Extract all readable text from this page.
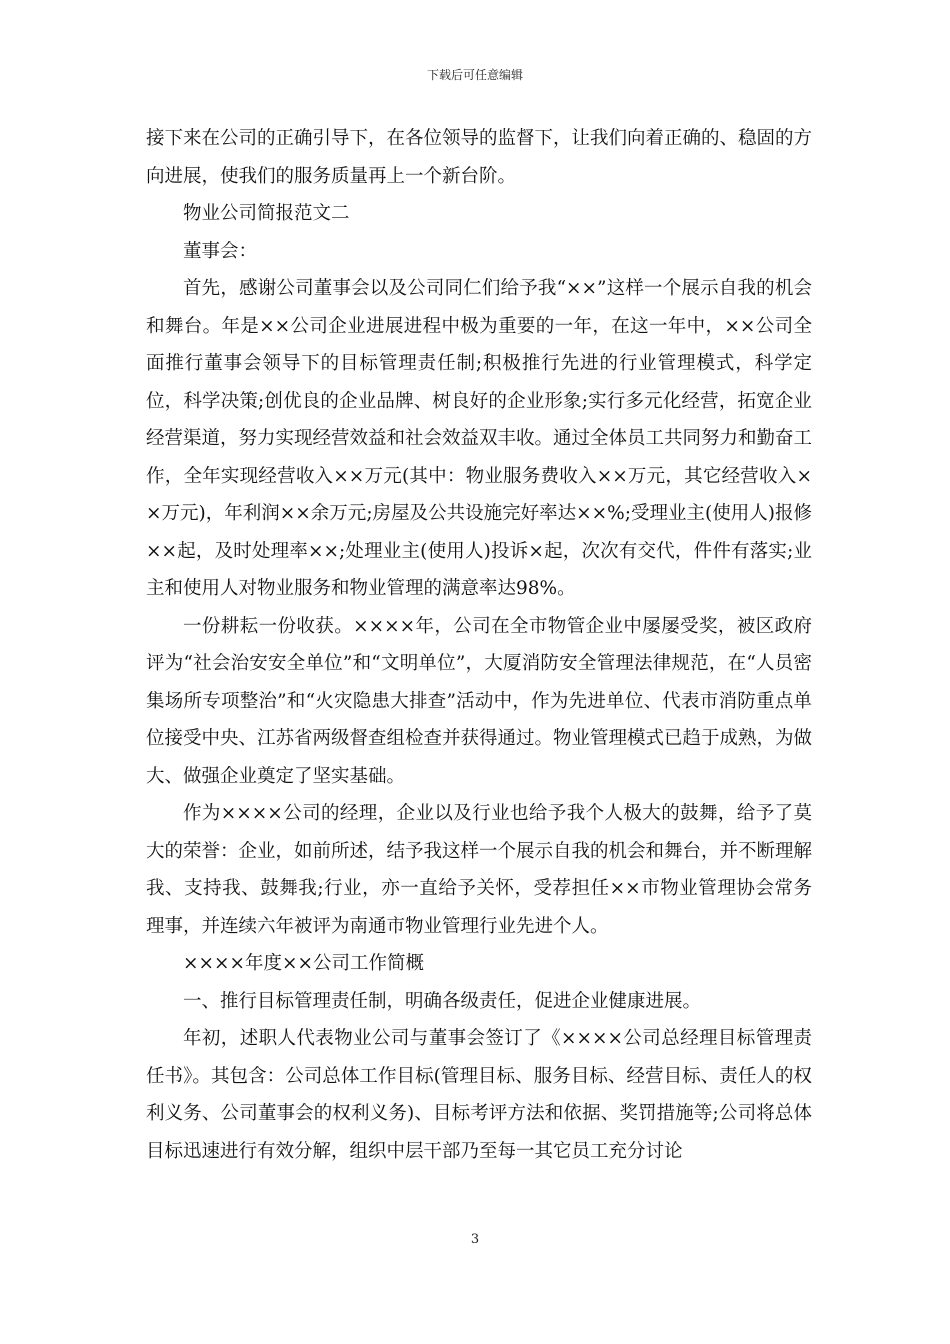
下载后可任意编辑

接下来在公司的正确引导下，在各位领导的监督下，让我们向着正确的、稳固的方向进展，使我们的服务质量再上一个新台阶。

物业公司简报范文二

董事会：

首先，感谢公司董事会以及公司同仁们给予我“××”这样一个展示自我的机会和舞台。年是××公司企业进展进程中极为重要的一年，在这一年中，××公司全面推行董事会领导下的目标管理责任制;积极推行先进的行业管理模式，科学定位，科学决策;创优良的企业品牌、树良好的企业形象;实行多元化经营，拓宽企业经营渠道，努力实现经营效益和社会效益双丰收。通过全体员工共同努力和勤奋工作，全年实现经营收入××万元(其中：物业服务费收入××万元，其它经营收入××万元)，年利润××余万元;房屋及公共设施完好率达××%;受理业主(使用人)报修××起，及时处理率××;处理业主(使用人)投诉×起，次次有交代，件件有落实;业主和使用人对物业服务和物业管理的满意率达98%。

一份耕耘一份收获。××××年，公司在全市物管企业中屡屡受奖，被区政府评为“社会治安安全单位”和“文明单位”，大厦消防安全管理法律规范，在“人员密集场所专项整治”和“火灾隐患大排查”活动中，作为先进单位、代表市消防重点单位接受中央、江苏省两级督查组检查并获得通过。物业管理模式已趋于成熟，为做大、做强企业奠定了坚实基础。

作为××××公司的经理，企业以及行业也给予我个人极大的鼓舞，给予了莫大的荣誉：企业，如前所述，结予我这样一个展示自我的机会和舞台，并不断理解我、支持我、鼓舞我;行业，亦一直给予关怀，受荐担任××市物业管理协会常务理事，并连续六年被评为南通市物业管理行业先进个人。

××××年度××公司工作简概

一、推行目标管理责任制，明确各级责任，促进企业健康进展。

年初，述职人代表物业公司与董事会签订了《××××公司总经理目标管理责任书》。其包含：公司总体工作目标(管理目标、服务目标、经营目标、责任人的权利义务、公司董事会的权利义务)、目标考评方法和依据、奖罚措施等;公司将总体目标迅速进行有效分解，组织中层干部乃至每一其它员工充分讨论

3
